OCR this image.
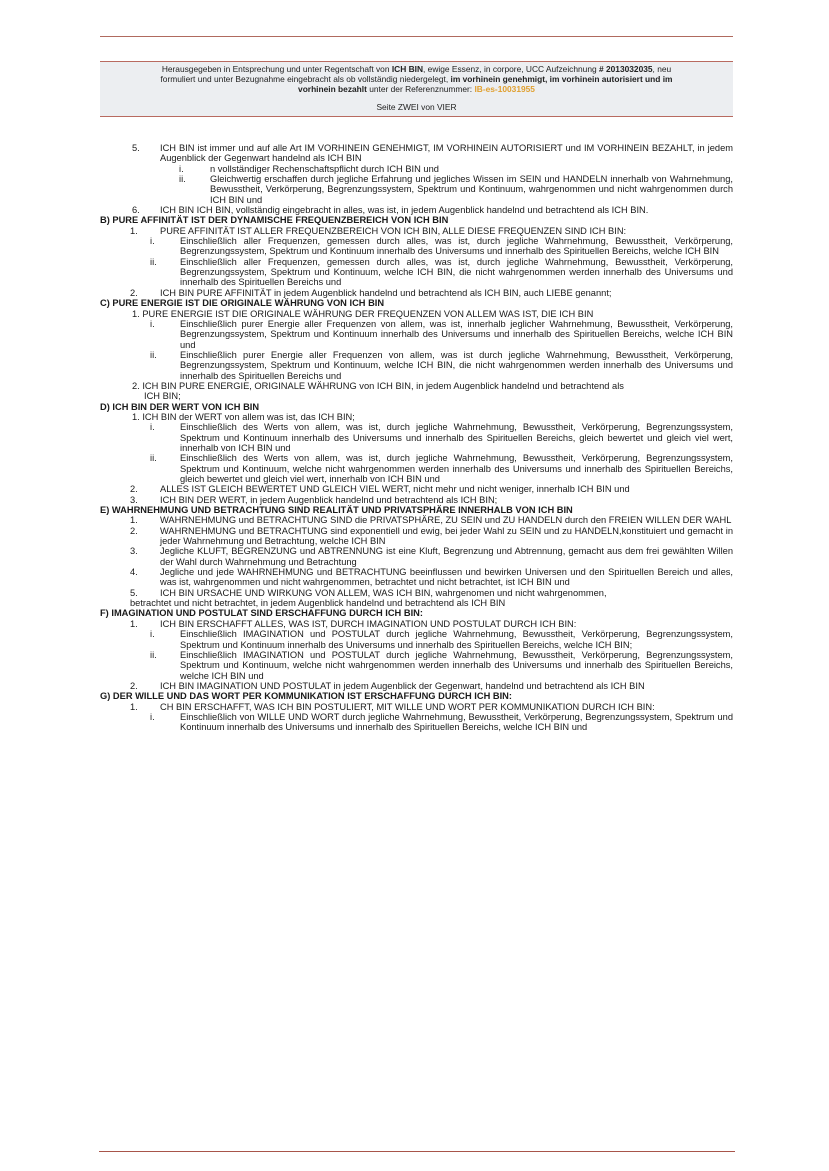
Herausgegeben in Entsprechung und unter Regentschaft von ICH BIN, ewige Essenz, in corpore, UCC Aufzeichnung # 2013032035, neu
formuliert und unter Bezugnahme eingebracht als ob vollständig niedergelegt, im vorhinein genehmigt, im vorhinein autorisiert und im
vorhinein bezahlt unter der Referenznummer: IB-es-10031955
Seite ZWEI von VIER
5.	ICH BIN ist immer und auf alle Art IM VORHINEIN GENEHMIGT, IM VORHINEIN AUTORISIERT und IM VORHINEIN BEZAHLT, in jedem Augenblick der Gegenwart handelnd als ICH BIN
i.	n vollständiger Rechenschaftspflicht durch ICH BIN und
ii.	Gleichwertig erschaffen durch jegliche Erfahrung und jegliches Wissen im SEIN und HANDELN innerhalb von Wahrnehmung, Bewusstheit, Verkörperung, Begrenzungssystem, Spektrum und Kontinuum, wahrgenommen und nicht wahrgenommen durch ICH BIN und
6.	ICH BIN ICH BIN, vollständig eingebracht in alles, was ist, in jedem Augenblick handelnd und betrachtend als ICH BIN.
B) PURE AFFINITÄT IST DER DYNAMISCHE FREQUENZBEREICH VON ICH BIN
1.	PURE AFFINITÄT IST ALLER FREQUENZBEREICH VON ICH BIN, ALLE DIESE FREQUENZEN SIND ICH BIN:
i.	Einschließlich aller Frequenzen, gemessen durch alles, was ist, durch jegliche Wahrnehmung, Bewusstheit, Verkörperung, Begrenzungssystem, Spektrum und Kontinuum innerhalb des Universums und innerhalb des Spirituellen Bereichs, welche ICH BIN
ii.	Einschließlich aller Frequenzen, gemessen durch alles, was ist, durch jegliche Wahrnehmung, Bewusstheit, Verkörperung, Begrenzungssystem, Spektrum und Kontinuum, welche ICH BIN, die nicht wahrgenommen werden innerhalb des Universums und innerhalb des Spirituellen Bereichs und
2.	ICH BIN PURE AFFINITÄT in jedem Augenblick handelnd und betrachtend als ICH BIN, auch LIEBE genannt;
C) PURE ENERGIE IST DIE ORIGINALE WÄHRUNG VON ICH BIN
1. PURE ENERGIE IST DIE ORIGINALE WÄHRUNG DER FREQUENZEN VON ALLEM WAS IST, DIE ICH BIN
i.	Einschließlich purer Energie aller Frequenzen von allem, was ist, innerhalb jeglicher Wahrnehmung, Bewusstheit, Verkörperung, Begrenzungssystem, Spektrum und Kontinuum innerhalb des Universums und innerhalb des Spirituellen Bereichs, welche ICH BIN und
ii.	Einschließlich purer Energie aller Frequenzen von allem, was ist durch jegliche Wahrnehmung, Bewusstheit, Verkörperung, Begrenzungssystem, Spektrum und Kontinuum, welche ICH BIN, die nicht wahrgenommen werden innerhalb des Universums und innerhalb des Spirituellen Bereichs und
2. ICH BIN PURE ENERGIE, ORIGINALE WÄHRUNG von ICH BIN, in jedem Augenblick handelnd und betrachtend als
ICH BIN;
D) ICH BIN DER WERT VON ICH BIN
1. ICH BIN der WERT von allem was ist, das ICH BIN;
i.	Einschließlich des Werts von allem, was ist, durch jegliche Wahrnehmung, Bewusstheit, Verkörperung, Begrenzungssystem, Spektrum und Kontinuum innerhalb des Universums und innerhalb des Spirituellen Bereichs, gleich bewertet und gleich viel wert, innerhalb von ICH BIN und
ii.	Einschließlich des Werts von allem, was ist, durch jegliche Wahrnehmung, Bewusstheit, Verkörperung, Begrenzungssystem, Spektrum und Kontinuum, welche nicht wahrgenommen werden innerhalb des Universums und innerhalb des Spirituellen Bereichs, gleich bewertet und gleich viel wert, innerhalb von ICH BIN und
2.	ALLES IST GLEICH BEWERTET UND GLEICH VIEL WERT, nicht mehr und nicht weniger, innerhalb ICH BIN und
3.	ICH BIN DER WERT, in jedem Augenblick handelnd und betrachtend als ICH BIN;
E) WAHRNEHMUNG UND BETRACHTUNG SIND REALITÄT UND PRIVATSPHÄRE INNERHALB VON ICH BIN
1.	WAHRNEHMUNG und BETRACHTUNG SIND die PRIVATSPHÄRE, ZU SEIN und ZU HANDELN durch den FREIEN WILLEN DER WAHL
2.	WAHRNEHMUNG und BETRACHTUNG sind exponentiell und ewig, bei jeder Wahl zu SEIN und zu HANDELN,konstituiert und gemacht in jeder Wahrnehmung und Betrachtung, welche ICH BIN
3.	Jegliche KLUFT, BEGRENZUNG und ABTRENNUNG ist eine Kluft, Begrenzung und Abtrennung, gemacht aus dem frei gewählten Willen der Wahl durch Wahrnehmung und Betrachtung
4.	Jegliche und jede WAHRNEHMUNG und BETRACHTUNG beeinflussen und bewirken Universen und den Spirituellen Bereich und alles, was ist, wahrgenommen und nicht wahrgenommen, betrachtet und nicht betrachtet, ist ICH BIN und
5.	ICH BIN URSACHE UND WIRKUNG VON ALLEM, WAS ICH BIN, wahrgenomen und nicht wahrgenommen,
betrachtet und nicht betrachtet, in jedem Augenblick handelnd und betrachtend als ICH BIN
F) IMAGINATION UND POSTULAT SIND ERSCHAFFUNG DURCH ICH BIN:
1.	ICH BIN ERSCHAFFT ALLES, WAS IST, DURCH IMAGINATION UND POSTULAT DURCH ICH BIN:
i.	Einschließlich IMAGINATION und POSTULAT durch jegliche Wahrnehmung, Bewusstheit, Verkörperung, Begrenzungssystem, Spektrum und Kontinuum innerhalb des Universums und innerhalb des Spirituellen Bereichs, welche ICH BIN;
ii.	Einschließlich IMAGINATION und POSTULAT durch jegliche Wahrnehmung, Bewusstheit, Verkörperung, Begrenzungssystem, Spektrum und Kontinuum, welche nicht wahrgenommen werden innerhalb des Universums und innerhalb des Spirituellen Bereichs, welche ICH BIN und
2.	ICH BIN IMAGINATION UND POSTULAT in jedem Augenblick der Gegenwart, handelnd und betrachtend als ICH BIN
G) DER WILLE UND DAS WORT PER KOMMUNIKATION IST ERSCHAFFUNG DURCH ICH BIN:
1.	CH BIN ERSCHAFFT, WAS ICH BIN POSTULIERT, MIT WILLE UND WORT PER KOMMUNIKATION DURCH ICH BIN:
i.	Einschließlich von WILLE UND WORT durch jegliche Wahrnehmung, Bewusstheit, Verkörperung, Begrenzungssystem, Spektrum und Kontinuum innerhalb des Universums und innerhalb des Spirituellen Bereichs, welche ICH BIN und
